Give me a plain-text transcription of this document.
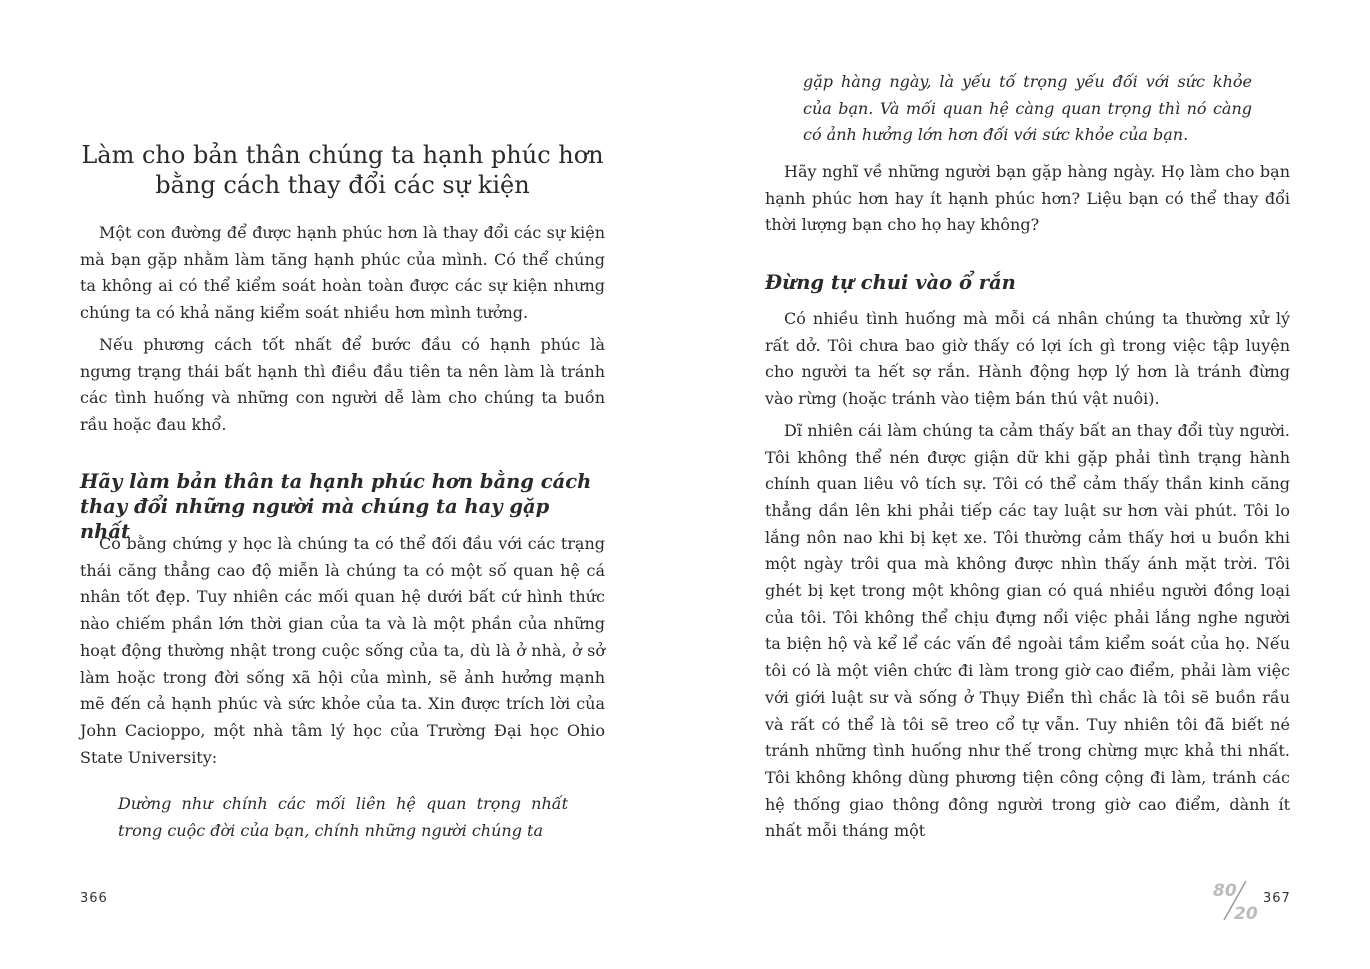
Làm cho bản thân chúng ta hạnh phúc hơn bằng cách thay đổi các sự kiện

Một con đường để được hạnh phúc hơn là thay đổi các sự kiện mà bạn gặp nhằm làm tăng hạnh phúc của mình. Có thể chúng ta không ai có thể kiểm soát hoàn toàn được các sự kiện nhưng chúng ta có khả năng kiểm soát nhiều hơn mình tưởng.

Nếu phương cách tốt nhất để bước đầu có hạnh phúc là ngưng trạng thái bất hạnh thì điều đầu tiên ta nên làm là tránh các tình huống và những con người dễ làm cho chúng ta buồn rầu hoặc đau khổ.

Hãy làm bản thân ta hạnh phúc hơn bằng cách thay đổi những người mà chúng ta hay gặp nhất

Có bằng chứng y học là chúng ta có thể đối đầu với các trạng thái căng thẳng cao độ miễn là chúng ta có một số quan hệ cá nhân tốt đẹp. Tuy nhiên các mối quan hệ dưới bất cứ hình thức nào chiếm phần lớn thời gian của ta và là một phần của những hoạt động thường nhật trong cuộc sống của ta, dù là ở nhà, ở sở làm hoặc trong đời sống xã hội của mình, sẽ ảnh hưởng mạnh mẽ đến cả hạnh phúc và sức khỏe của ta. Xin được trích lời của John Cacioppo, một nhà tâm lý học của Trường Đại học Ohio State University:

Dường như chính các mối liên hệ quan trọng nhất trong cuộc đời của bạn, chính những người chúng ta

366

gặp hàng ngày, là yếu tố trọng yếu đối với sức khỏe của bạn. Và mối quan hệ càng quan trọng thì nó càng có ảnh hưởng lớn hơn đối với sức khỏe của bạn.

Hãy nghĩ về những người bạn gặp hàng ngày. Họ làm cho bạn hạnh phúc hơn hay ít hạnh phúc hơn? Liệu bạn có thể thay đổi thời lượng bạn cho họ hay không?

Đừng tự chui vào ổ rắn

Có nhiều tình huống mà mỗi cá nhân chúng ta thường xử lý rất dở. Tôi chưa bao giờ thấy có lợi ích gì trong việc tập luyện cho người ta hết sợ rắn. Hành động hợp lý hơn là tránh đừng vào rừng (hoặc tránh vào tiệm bán thú vật nuôi).

Dĩ nhiên cái làm chúng ta cảm thấy bất an thay đổi tùy người. Tôi không thể nén được giận dữ khi gặp phải tình trạng hành chính quan liêu vô tích sự. Tôi có thể cảm thấy thần kinh căng thẳng dần lên khi phải tiếp các tay luật sư hơn vài phút. Tôi lo lắng nôn nao khi bị kẹt xe. Tôi thường cảm thấy hơi u buồn khi một ngày trôi qua mà không được nhìn thấy ánh mặt trời. Tôi ghét bị kẹt trong một không gian có quá nhiều người đồng loại của tôi. Tôi không thể chịu đựng nổi việc phải lắng nghe người ta biện hộ và kể lể các vấn đề ngoài tầm kiểm soát của họ. Nếu tôi có là một viên chức đi làm trong giờ cao điểm, phải làm việc với giới luật sư và sống ở Thụy Điển thì chắc là tôi sẽ buồn rầu và rất có thể là tôi sẽ treo cổ tự vẫn. Tuy nhiên tôi đã biết né tránh những tình huống như thế trong chừng mực khả thi nhất. Tôi không không dùng phương tiện công cộng đi làm, tránh các hệ thống giao thông đông người trong giờ cao điểm, dành ít nhất mỗi tháng một

367
80
20
